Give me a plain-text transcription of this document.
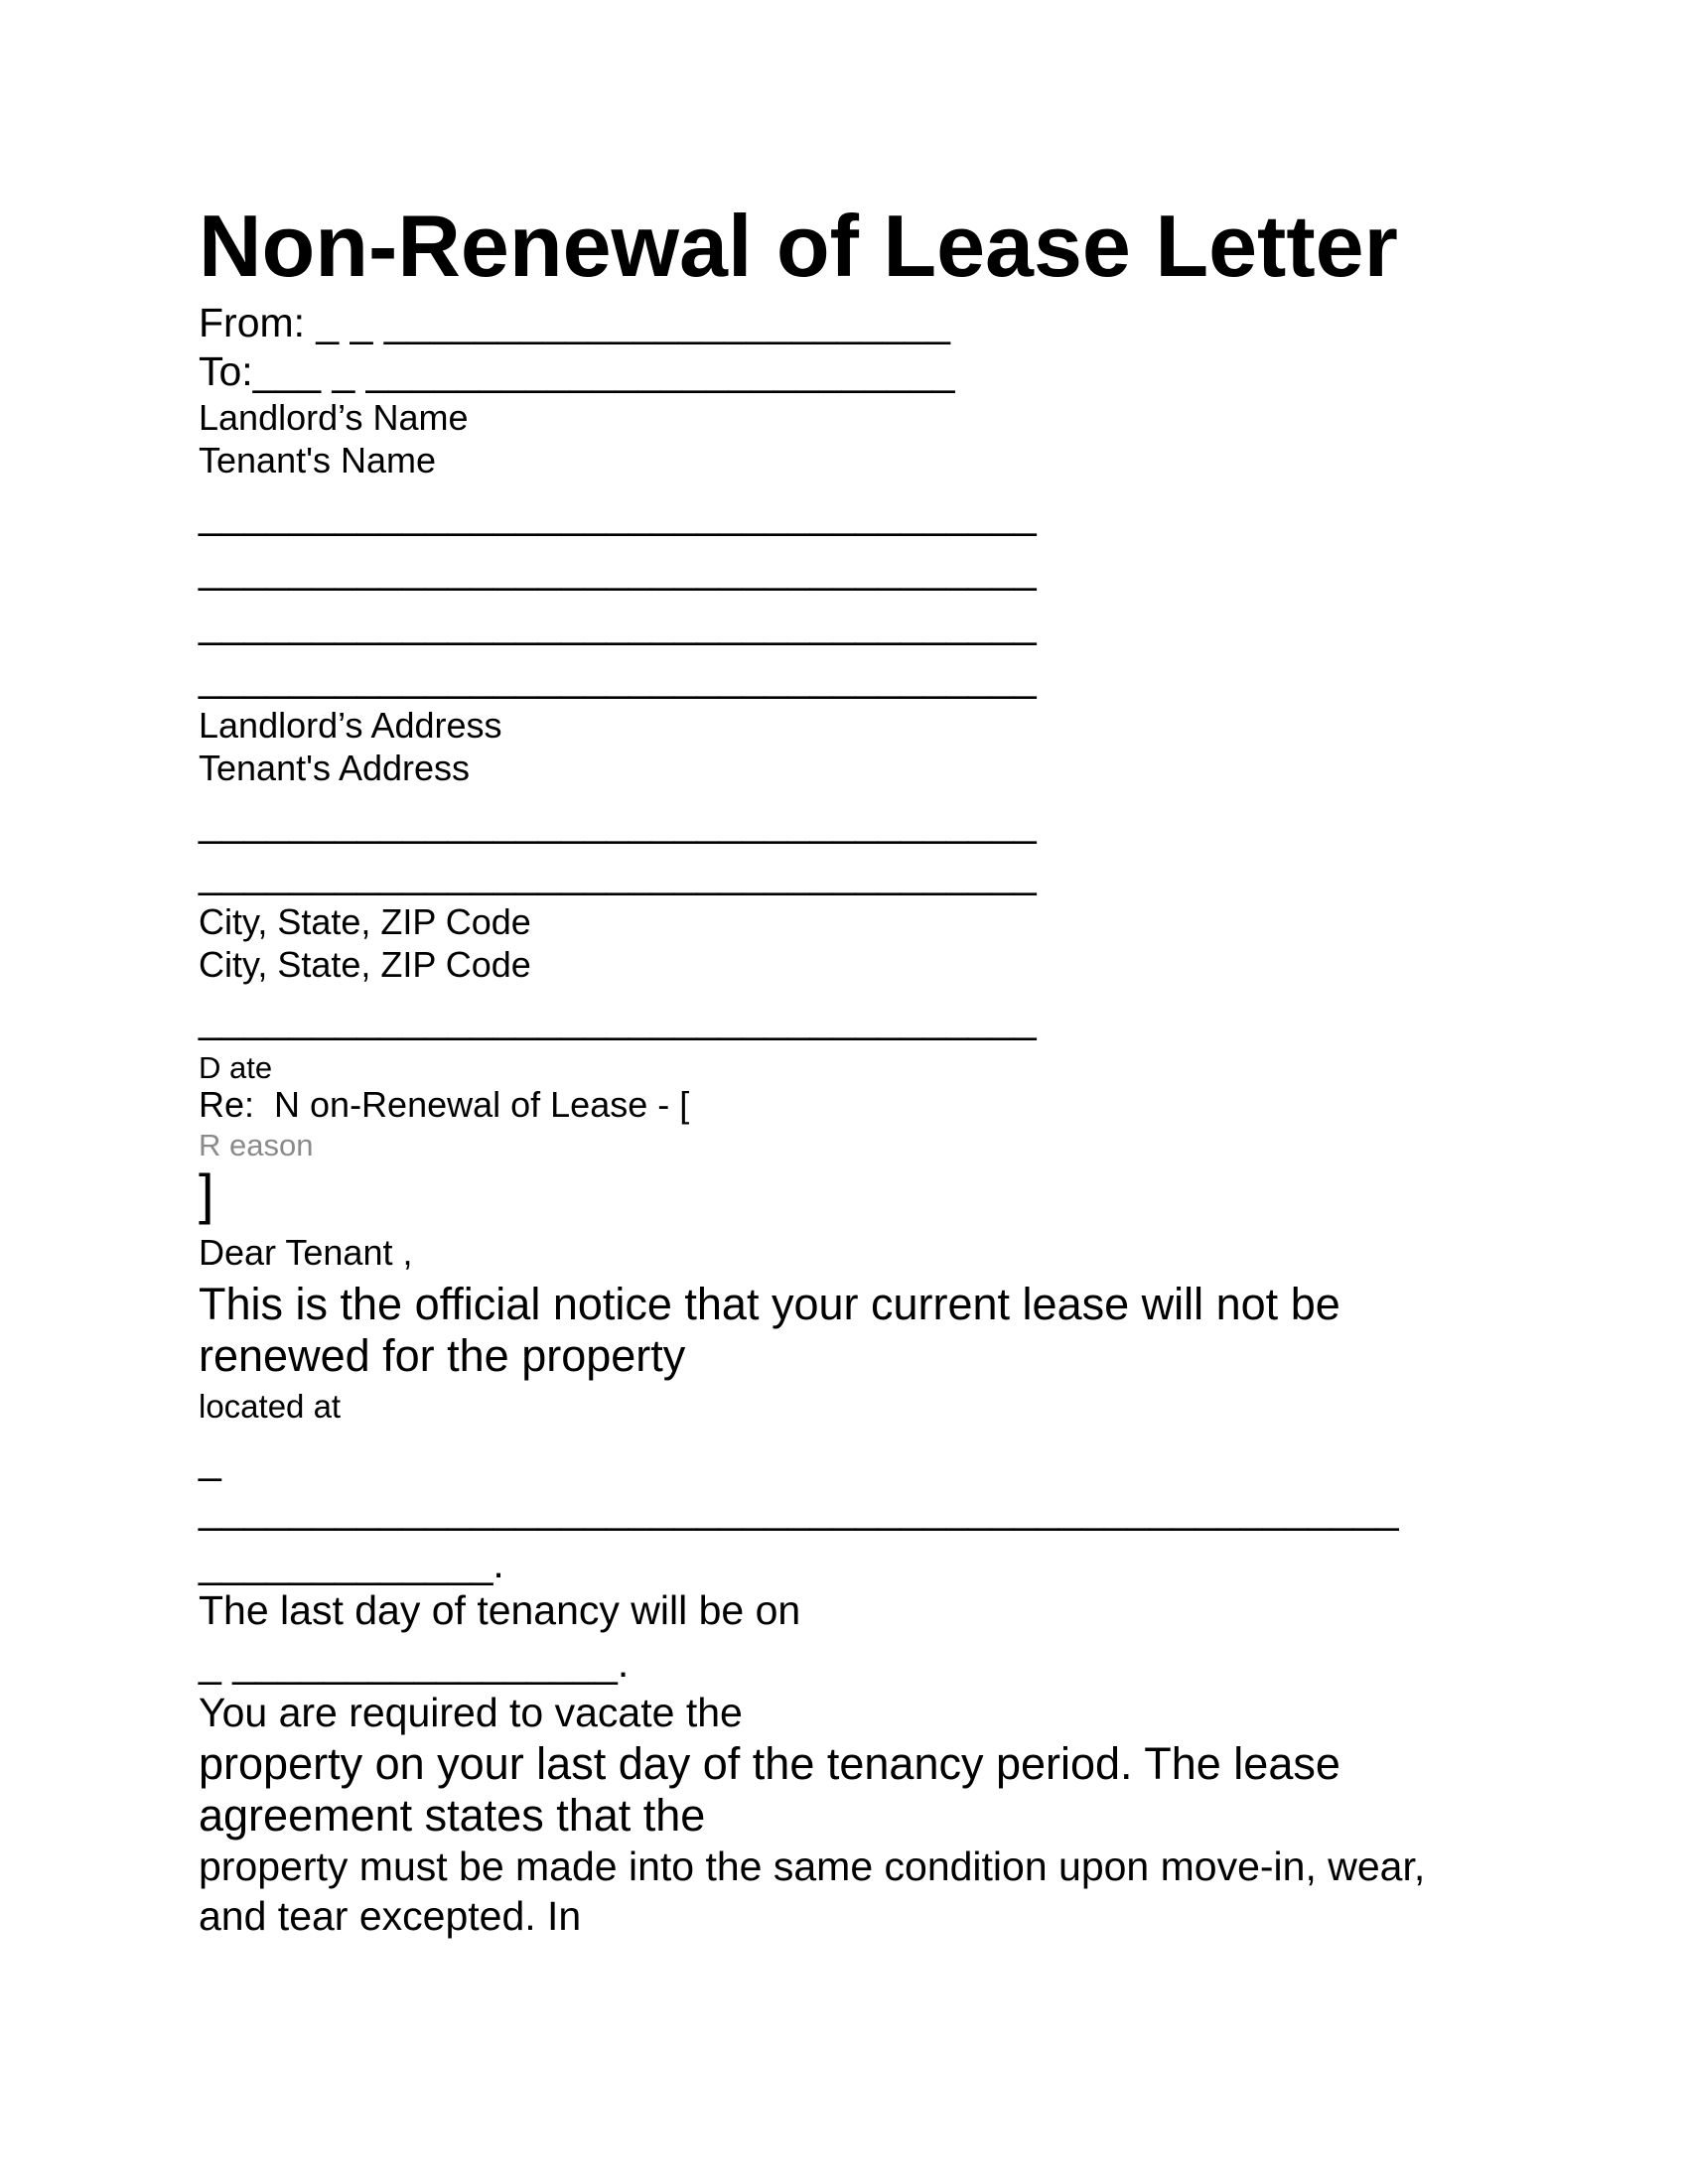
Non-Renewal of Lease Letter

From: _ _ _________________________

To:___ _ __________________________

Landlord’s Name

Tenant's Name

_____________________________________

_____________________________________

_____________________________________

_____________________________________

Landlord’s Address

Tenant's Address

_____________________________________

_____________________________________

City, State, ZIP Code

City, State, ZIP Code

_____________________________________

D ate

Re:  N on-Renewal of Lease - [

R eason

]

Dear Tenant ,

This is the official notice that your current lease will not be

renewed for the property

located at

_

_____________________________________________________

_____________.

The last day of tenancy will be on

_ _________________.

You are required to vacate the

property on your last day of the tenancy period. The lease

agreement states that the

property must be made into the same condition upon move-in, wear,

and tear excepted. In
